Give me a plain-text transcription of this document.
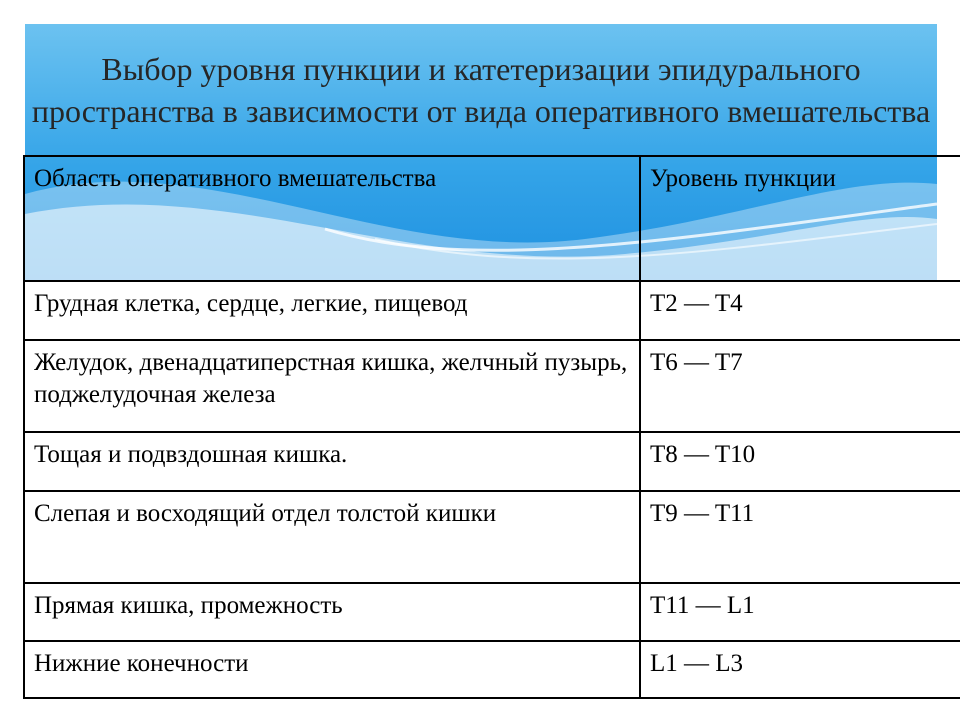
Выбор уровня пункции и катетеризации эпидурального пространства в зависимости от вида оперативного вмешательства
Область оперативного вмешательства	Уровень пункции

Грудная клетка, сердце, легкие, пищевод	T2 — T4

Желудок, двенадцатиперстная кишка, желчный пузырь, поджелудочная железа	T6 — T7

Тощая и подвздошная кишка.	T8 — T10

Слепая и восходящий отдел толстой кишки	T9 — T11

Прямая кишка, промежность	T11 — L1

Нижние конечности	L1 — L3
